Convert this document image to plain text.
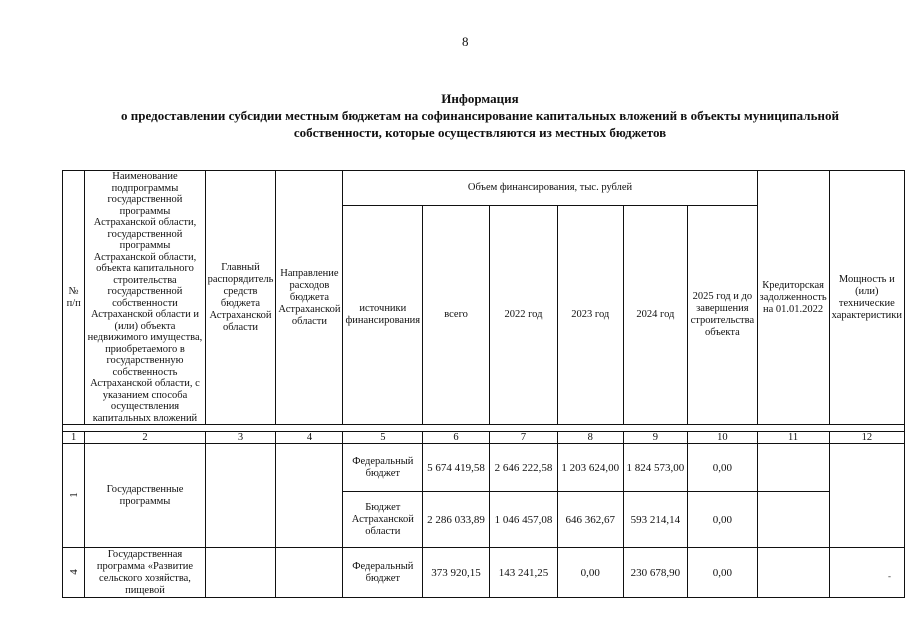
8
Информация
о предоставлении субсидии местным бюджетам на софинансирование капитальных вложений в объекты муниципальной собственности, которые осуществляются из местных бюджетов
№ п/п	Наименование подпрограммы государственной программы Астраханской области, государственной программы Астраханской области, объекта капитального строительства государственной собственности Астраханской области и (или) объекта недвижимого имущества, приобретаемого в государственную собственность Астраханской области, с указанием способа осуществления капитальных вложений	Главный распорядитель средств бюджета Астраханской области	Направление расходов бюджета Астраханской области	Объем финансирования, тыс. рублей						Кредиторская задолженность на 01.01.2022	Мощность и (или) технические характеристики
				источники финансирования	всего	2022 год	2023 год	2024 год	2025 год и до завершения строительства объекта		

1	2	3	4	5	6	7	8	9	10	11	12
1	Государственные программы			Федеральный бюджет	5 674 419,58	2 646 222,58	1 203 624,00	1 824 573,00	0,00		
				Бюджет Астраханской области	2 286 033,89	1 046 457,08	646 362,67	593 214,14	0,00		
4	Государственная программа «Развитие сельского хозяйства, пищевой			Федеральный бюджет	373 920,15	143 241,25	0,00	230 678,90	0,00			-
